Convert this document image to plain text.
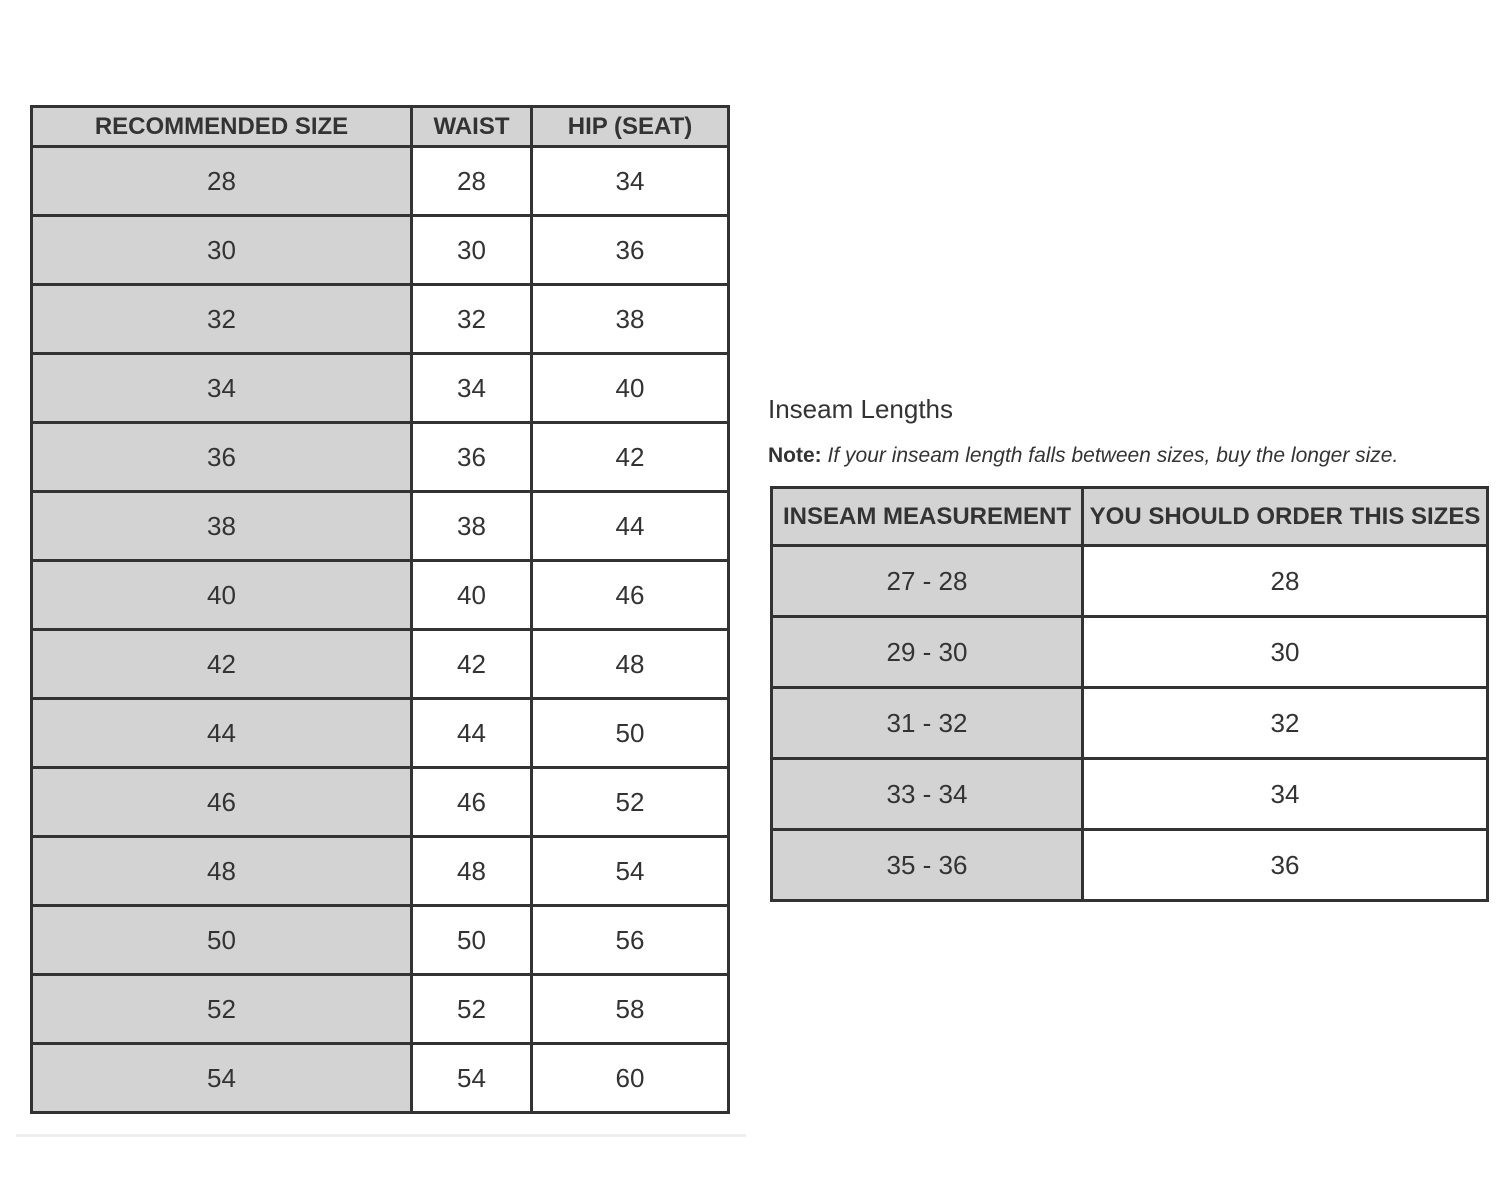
RECOMMENDED SIZE	WAIST	HIP (SEAT)
28	28	34
30	30	36
32	32	38
34	34	40
36	36	42
38	38	44
40	40	46
42	42	48
44	44	50
46	46	52
48	48	54
50	50	56
52	52	58
54	54	60
Inseam Lengths

Note: If your inseam length falls between sizes, buy the longer size.

INSEAM MEASUREMENT	YOU SHOULD ORDER THIS SIZES
27 - 28	28
29 - 30	30
31 - 32	32
33 - 34	34
35 - 36	36
